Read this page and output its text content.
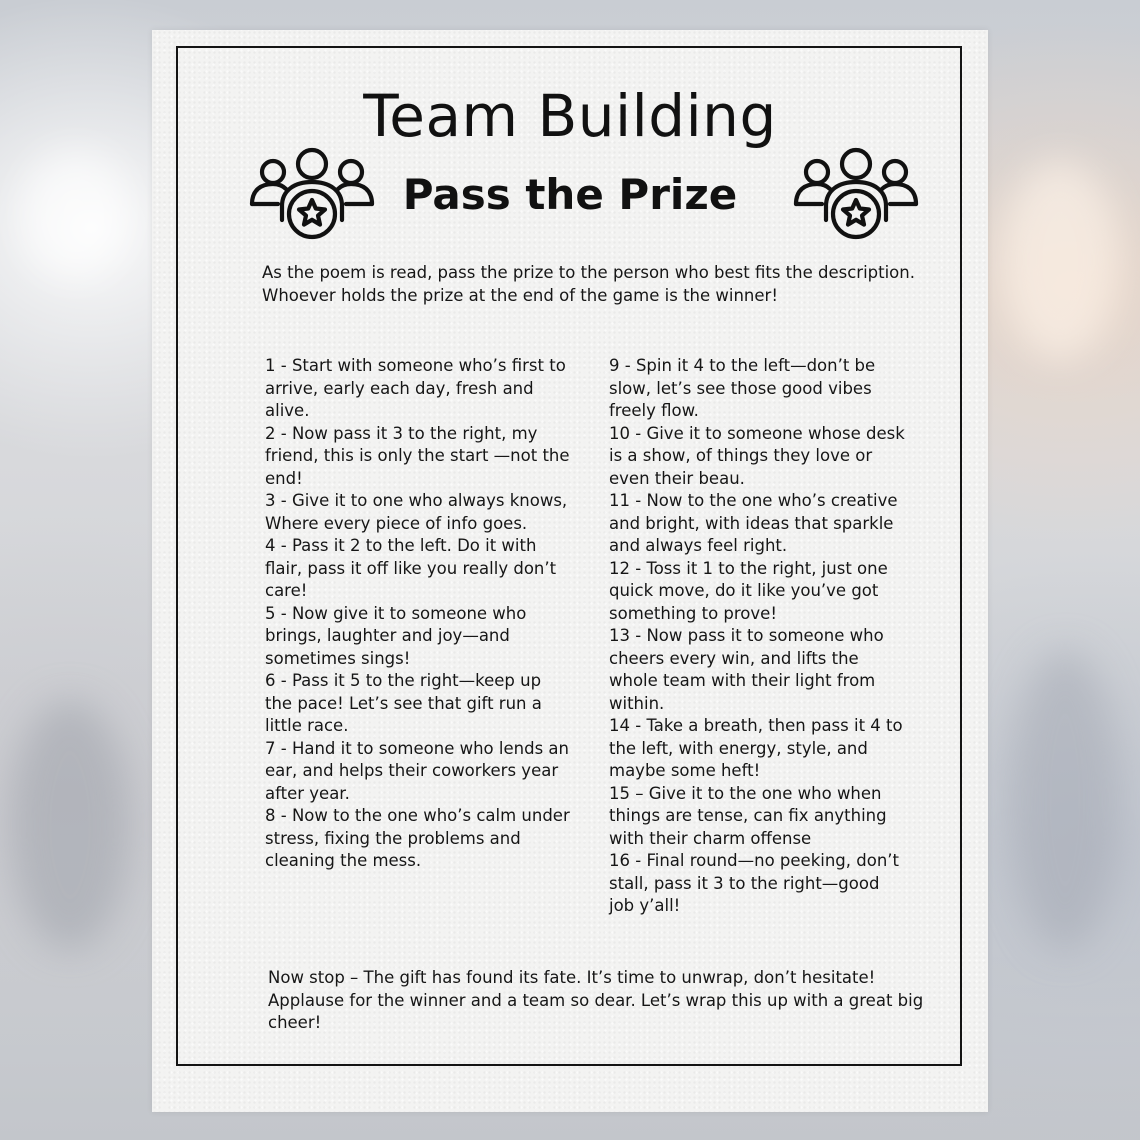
Team Building
Pass the Prize

As the poem is read, pass the prize to the person who best fits the description. Whoever holds the prize at the end of the game is the winner!

1 - Start with someone who’s first to arrive, early each day, fresh and alive.
2 - Now pass it 3 to the right, my friend, this is only the start —not the end!
3 - Give it to one who always knows, Where every piece of info goes.
4 - Pass it 2 to the left. Do it with flair, pass it off like you really don’t care!
5 - Now give it to someone who brings, laughter and joy—and sometimes sings!
6 - Pass it 5 to the right—keep up the pace! Let’s see that gift run a little race.
7 - Hand it to someone who lends an ear, and helps their coworkers year after year.
8 - Now to the one who’s calm under stress, fixing the problems and cleaning the mess.
9 - Spin it 4 to the left—don’t be slow, let’s see those good vibes freely flow.
10 - Give it to someone whose desk is a show, of things they love or even their beau.
11 - Now to the one who’s creative and bright, with ideas that sparkle and always feel right.
12 - Toss it 1 to the right, just one quick move, do it like you’ve got something to prove!
13 - Now pass it to someone who cheers every win, and lifts the whole team with their light from within.
14 - Take a breath, then pass it 4 to the left, with energy, style, and maybe some heft!
15 – Give it to the one who when things are tense, can fix anything with their charm offense
16 - Final round—no peeking, don’t stall, pass it 3 to the right—good job y’all!

Now stop – The gift has found its fate. It’s time to unwrap, don’t hesitate! Applause for the winner and a team so dear. Let’s wrap this up with a great big cheer!
